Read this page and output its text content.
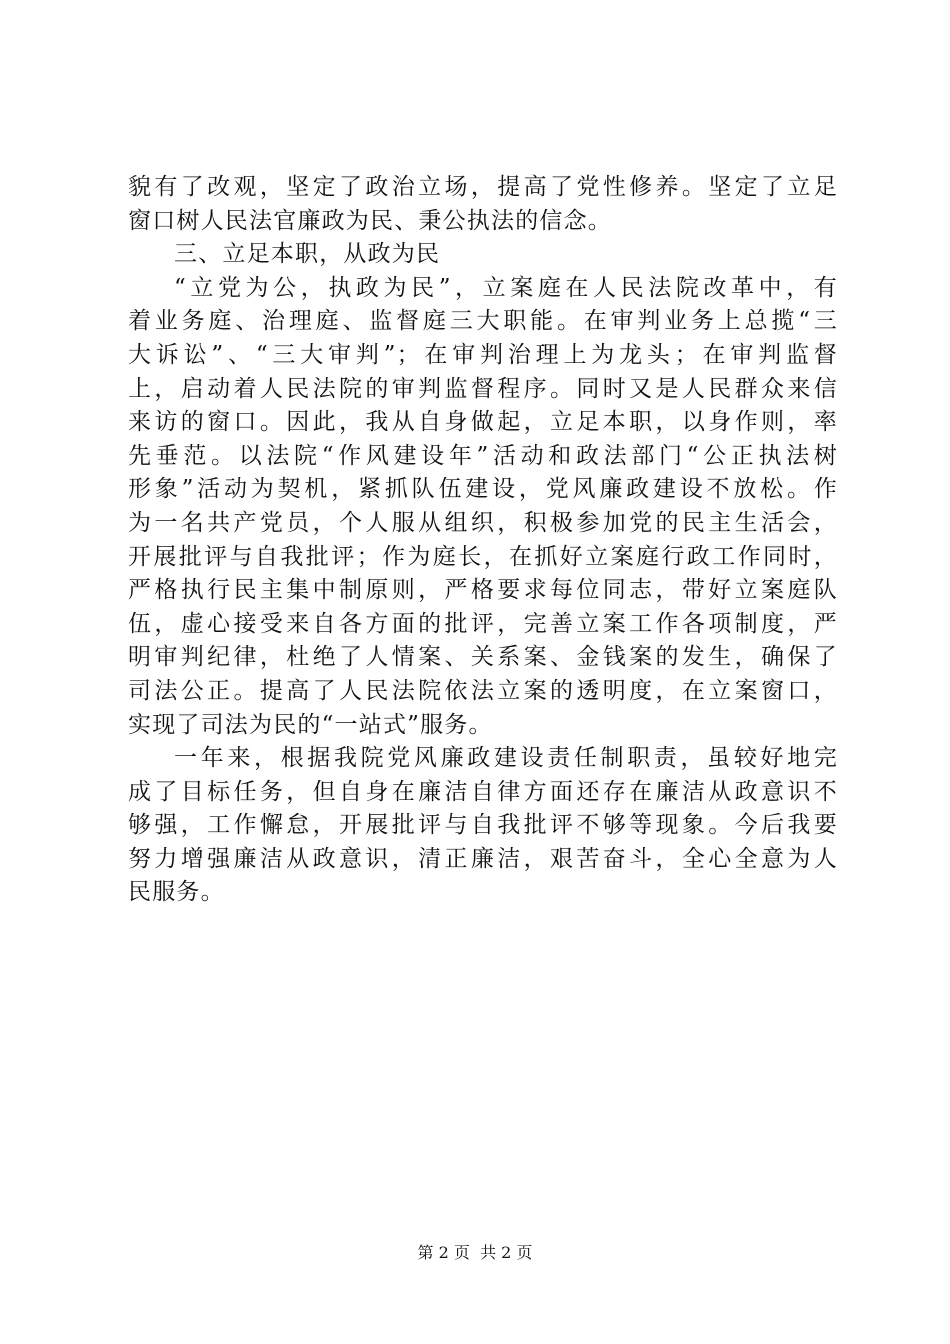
貌有了改观，坚定了政治立场，提高了党性修养。坚定了立足
窗口树人民法官廉政为民、秉公执法的信念。
三、立足本职，从政为民
“立党为公，执政为民”，立案庭在人民法院改革中，有
着业务庭、治理庭、监督庭三大职能。在审判业务上总揽“三
大诉讼”、“三大审判”；在审判治理上为龙头；在审判监督
上，启动着人民法院的审判监督程序。同时又是人民群众来信
来访的窗口。因此，我从自身做起，立足本职，以身作则，率
先垂范。以法院“作风建设年”活动和政法部门“公正执法树
形象”活动为契机，紧抓队伍建设，党风廉政建设不放松。作
为一名共产党员，个人服从组织，积极参加党的民主生活会，
开展批评与自我批评；作为庭长，在抓好立案庭行政工作同时，
严格执行民主集中制原则，严格要求每位同志，带好立案庭队
伍，虚心接受来自各方面的批评，完善立案工作各项制度，严
明审判纪律，杜绝了人情案、关系案、金钱案的发生，确保了
司法公正。提高了人民法院依法立案的透明度，在立案窗口，
实现了司法为民的“一站式”服务。
一年来，根据我院党风廉政建设责任制职责，虽较好地完
成了目标任务，但自身在廉洁自律方面还存在廉洁从政意识不
够强，工作懈怠，开展批评与自我批评不够等现象。今后我要
努力增强廉洁从政意识，清正廉洁，艰苦奋斗，全心全意为人
民服务。
第 2 页  共 2 页
